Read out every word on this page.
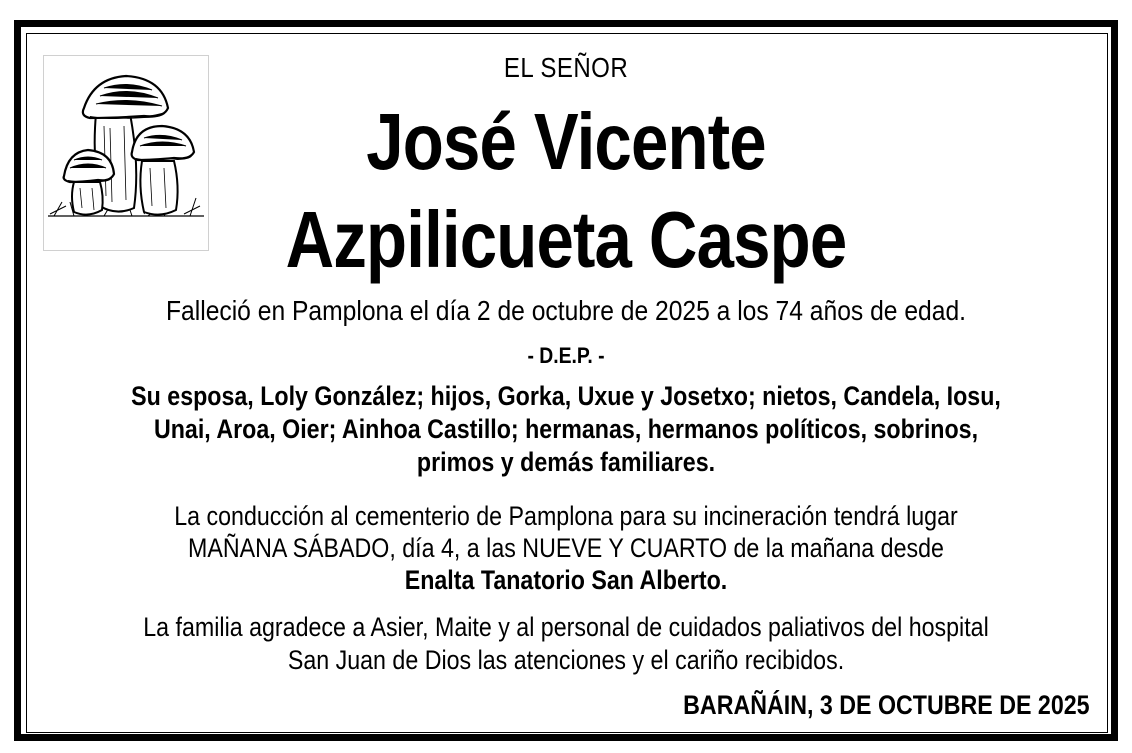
EL SEÑOR
José Vicente
Azpilicueta Caspe
Falleció en Pamplona el día 2 de octubre de 2025 a los 74 años de edad.
- D.E.P. -
Su esposa, Loly González; hijos, Gorka, Uxue y Josetxo; nietos, Candela, Iosu,
Unai, Aroa, Oier; Ainhoa Castillo; hermanas, hermanos políticos, sobrinos,
primos y demás familiares.
La conducción al cementerio de Pamplona para su incineración tendrá lugar
MAÑANA SÁBADO, día 4, a las NUEVE Y CUARTO de la mañana desde
Enalta Tanatorio San Alberto.
La familia agradece a Asier, Maite y al personal de cuidados paliativos del hospital
San Juan de Dios las atenciones y el cariño recibidos.
BARAÑÁIN, 3 DE OCTUBRE DE 2025
